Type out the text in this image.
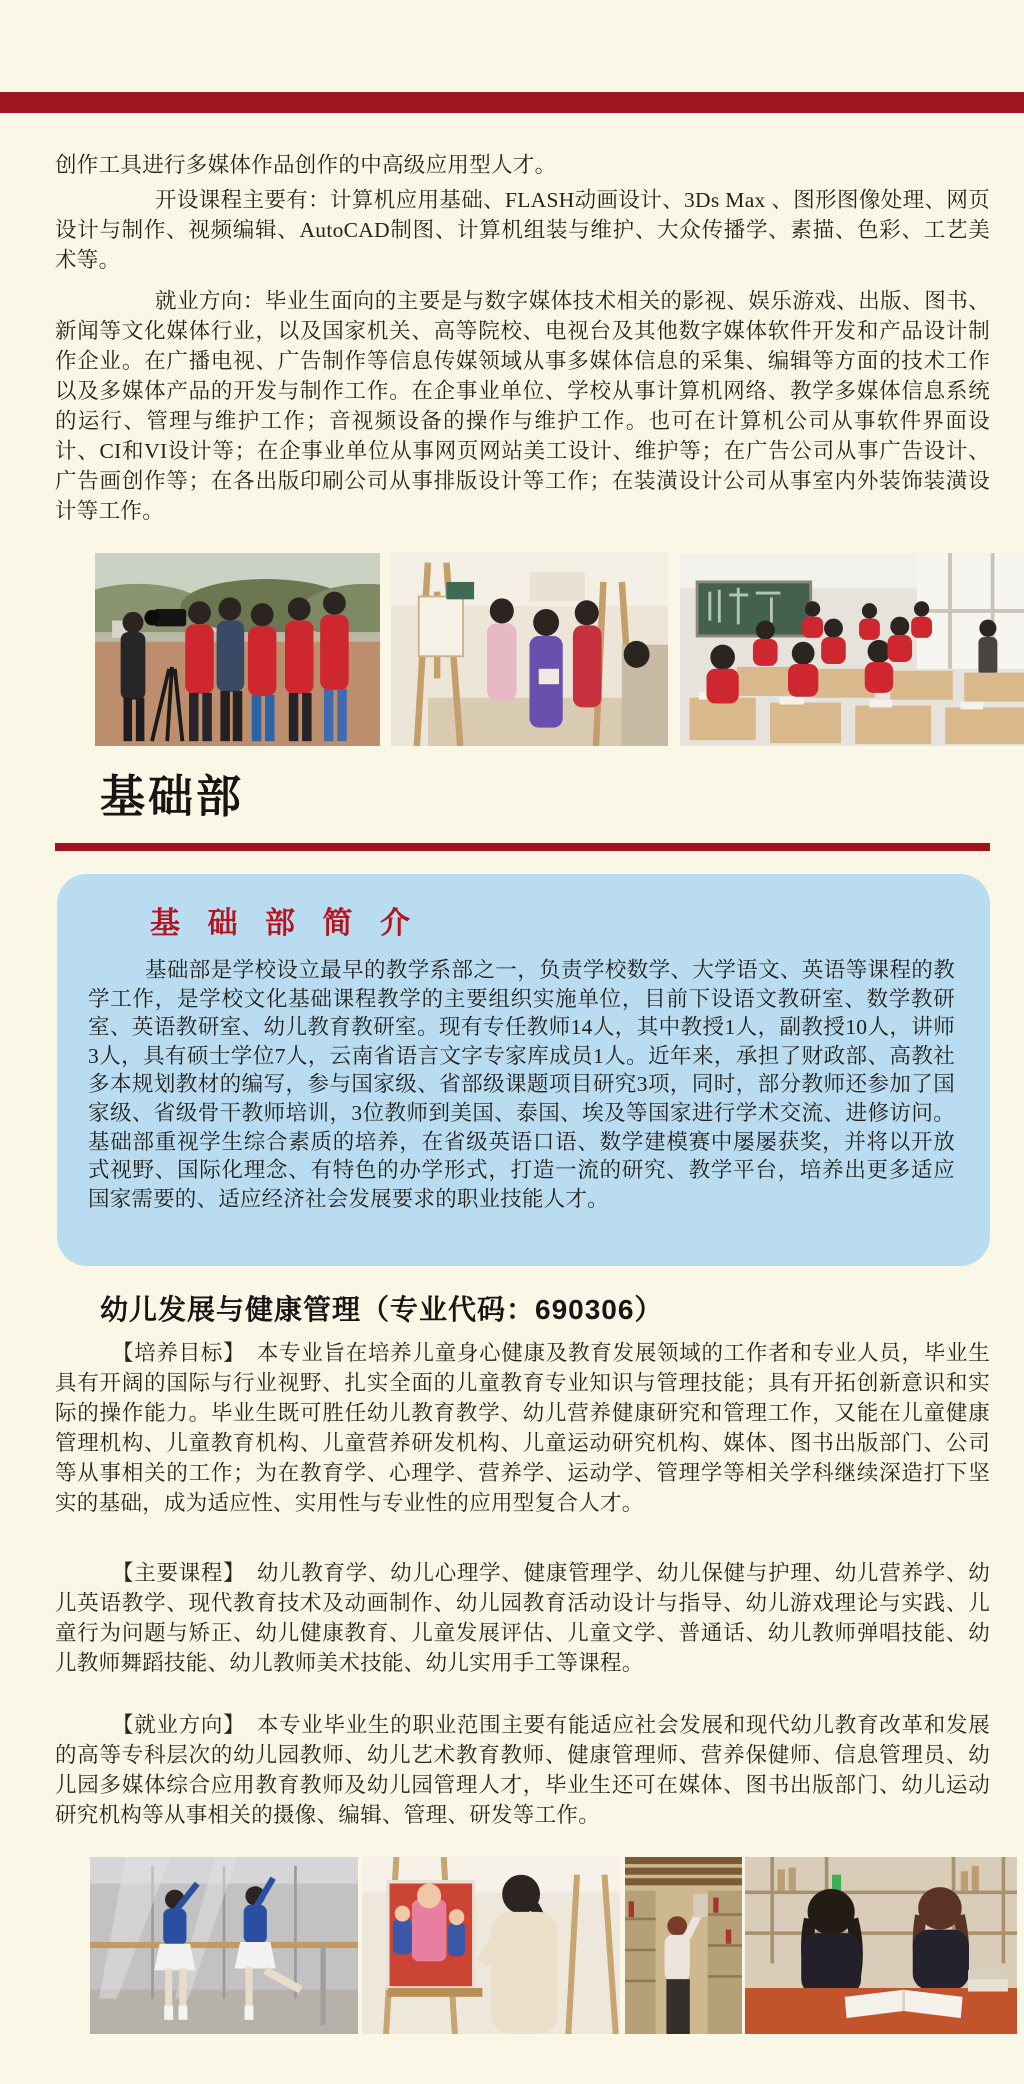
创作工具进行多媒体作品创作的中高级应用型人才。

开设课程主要有：计算机应用基础、FLASH动画设计、3Ds Max 、图形图像处理、网页设计与制作、视频编辑、AutoCAD制图、计算机组装与维护、大众传播学、素描、色彩、工艺美术等。

就业方向：毕业生面向的主要是与数字媒体技术相关的影视、娱乐游戏、出版、图书、新闻等文化媒体行业，以及国家机关、高等院校、电视台及其他数字媒体软件开发和产品设计制作企业。在广播电视、广告制作等信息传媒领域从事多媒体信息的采集、编辑等方面的技术工作以及多媒体产品的开发与制作工作。在企事业单位、学校从事计算机网络、教学多媒体信息系统的运行、管理与维护工作；音视频设备的操作与维护工作。也可在计算机公司从事软件界面设计、CI和VI设计等；在企事业单位从事网页网站美工设计、维护等；在广告公司从事广告设计、广告画创作等；在各出版印刷公司从事排版设计等工作；在装潢设计公司从事室内外装饰装潢设计等工作。

基础部
基 础 部 简 介

基础部是学校设立最早的教学系部之一，负责学校数学、大学语文、英语等课程的教学工作，是学校文化基础课程教学的主要组织实施单位，目前下设语文教研室、数学教研室、英语教研室、幼儿教育教研室。现有专任教师14人，其中教授1人，副教授10人，讲师3人，具有硕士学位7人，云南省语言文字专家库成员1人。近年来，承担了财政部、高教社多本规划教材的编写，参与国家级、省部级课题项目研究3项，同时，部分教师还参加了国家级、省级骨干教师培训，3位教师到美国、泰国、埃及等国家进行学术交流、进修访问。基础部重视学生综合素质的培养，在省级英语口语、数学建模赛中屡屡获奖，并将以开放式视野、国际化理念、有特色的办学形式，打造一流的研究、教学平台，培养出更多适应国家需要的、适应经济社会发展要求的职业技能人才。

幼儿发展与健康管理（专业代码：690306）

【培养目标】　本专业旨在培养儿童身心健康及教育发展领域的工作者和专业人员，毕业生具有开阔的国际与行业视野、扎实全面的儿童教育专业知识与管理技能；具有开拓创新意识和实际的操作能力。毕业生既可胜任幼儿教育教学、幼儿营养健康研究和管理工作，又能在儿童健康管理机构、儿童教育机构、儿童营养研发机构、儿童运动研究机构、媒体、图书出版部门、公司等从事相关的工作；为在教育学、心理学、营养学、运动学、管理学等相关学科继续深造打下坚实的基础，成为适应性、实用性与专业性的应用型复合人才。

【主要课程】　幼儿教育学、幼儿心理学、健康管理学、幼儿保健与护理、幼儿营养学、幼儿英语教学、现代教育技术及动画制作、幼儿园教育活动设计与指导、幼儿游戏理论与实践、儿童行为问题与矫正、幼儿健康教育、儿童发展评估、儿童文学、普通话、幼儿教师弹唱技能、幼儿教师舞蹈技能、幼儿教师美术技能、幼儿实用手工等课程。

【就业方向】　本专业毕业生的职业范围主要有能适应社会发展和现代幼儿教育改革和发展的高等专科层次的幼儿园教师、幼儿艺术教育教师、健康管理师、营养保健师、信息管理员、幼儿园多媒体综合应用教育教师及幼儿园管理人才，毕业生还可在媒体、图书出版部门、幼儿运动研究机构等从事相关的摄像、编辑、管理、研发等工作。
